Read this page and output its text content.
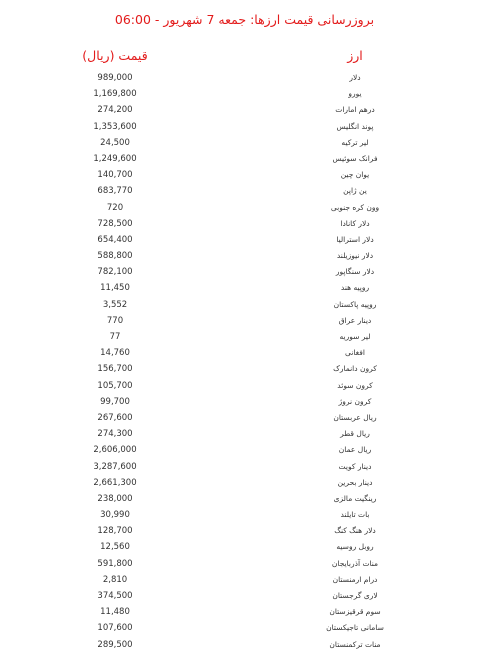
بروزرسانی قیمت ارزها: جمعه 7 شهریور - 06:00
قیمت (ریال)	ارز
989,000	دلار
1,169,800	یورو
274,200	درهم امارات
1,353,600	پوند انگلیس
24,500	لیر ترکیه
1,249,600	فرانک سوئیس
140,700	یوان چین
683,770	ین ژاپن
720	وون کره جنوبی
728,500	دلار کانادا
654,400	دلار استرالیا
588,800	دلار نیوزیلند
782,100	دلار سنگاپور
11,450	روپیه هند
3,552	روپیه پاکستان
770	دینار عراق
77	لیر سوریه
14,760	افغانی
156,700	کرون دانمارک
105,700	کرون سوئد
99,700	کرون نروژ
267,600	ریال عربستان
274,300	ریال قطر
2,606,000	ریال عمان
3,287,600	دینار کویت
2,661,300	دینار بحرین
238,000	رینگیت مالزی
30,990	بات تایلند
128,700	دلار هنگ کنگ
12,560	روبل روسیه
591,800	منات آذربایجان
2,810	درام ارمنستان
374,500	لاری گرجستان
11,480	سوم قرقیزستان
107,600	سامانی تاجیکستان
289,500	منات ترکمنستان
